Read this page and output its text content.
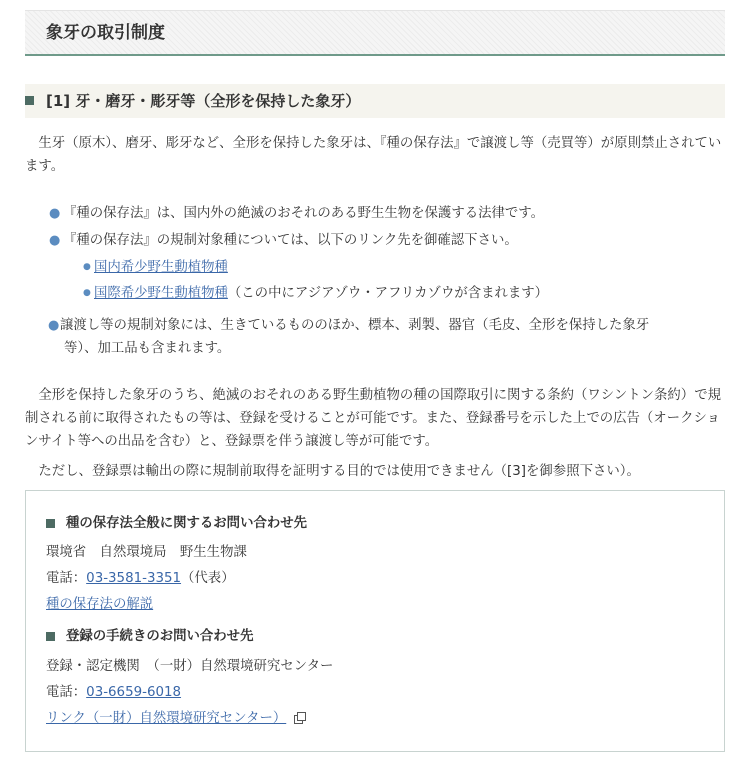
象牙の取引制度
[1] 牙・磨牙・彫牙等（全形を保持した象牙）

生牙（原木）、磨牙、彫牙など、全形を保持した象牙は、『種の保存法』で譲渡し等（売買等）が原則禁止されています。

● 『種の保存法』は、国内外の絶滅のおそれのある野生生物を保護する法律です。
● 『種の保存法』の規制対象種については、以下のリンク先を御確認下さい。
● 国内希少野生動植物種
● 国際希少野生動植物種（この中にアジアゾウ・アフリカゾウが含まれます）
● 譲渡し等の規制対象には、生きているもののほか、標本、剥製、器官（毛皮、全形を保持した象牙
等）、加工品も含まれます。

全形を保持した象牙のうち、絶滅のおそれのある野生動植物の種の国際取引に関する条約（ワシントン条約）で規制される前に取得されたもの等は、登録を受けることが可能です。また、登録番号を示した上での広告（オークションサイト等への出品を含む）と、登録票を伴う譲渡し等が可能です。

ただし、登録票は輸出の際に規制前取得を証明する目的では使用できません（[3]を御参照下さい）。

種の保存法全般に関するお問い合わせ先
環境省　自然環境局　野生生物課
電話：03-3581-3351（代表）
種の保存法の解説
登録の手続きのお問い合わせ先
登録・認定機関　（一財）自然環境研究センター
電話：03-6659-6018
リンク（一財）自然環境研究センター）
